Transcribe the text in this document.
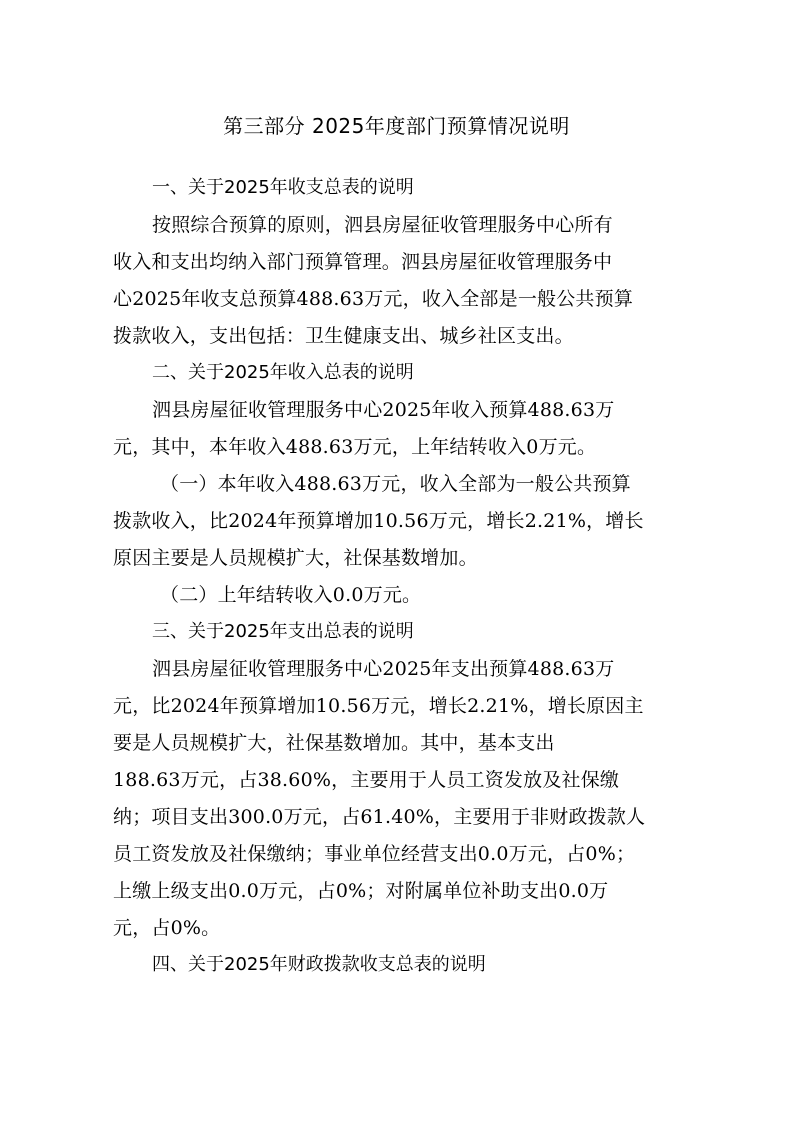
第三部分 2025年度部门预算情况说明
一、关于2025年收支总表的说明
按照综合预算的原则，泗县房屋征收管理服务中心所有
收入和支出均纳入部门预算管理。泗县房屋征收管理服务中
心2025年收支总预算488.63万元，收入全部是一般公共预算
拨款收入，支出包括：卫生健康支出、城乡社区支出。
二、关于2025年收入总表的说明
泗县房屋征收管理服务中心2025年收入预算488.63万
元，其中，本年收入488.63万元，上年结转收入0万元。
（一）本年收入488.63万元，收入全部为一般公共预算
拨款收入，比2024年预算增加10.56万元，增长2.21%，增长
原因主要是人员规模扩大，社保基数增加。
（二）上年结转收入0.0万元。
三、关于2025年支出总表的说明
泗县房屋征收管理服务中心2025年支出预算488.63万
元，比2024年预算增加10.56万元，增长2.21%，增长原因主
要是人员规模扩大，社保基数增加。其中，基本支出
188.63万元，占38.60%，主要用于人员工资发放及社保缴
纳；项目支出300.0万元，占61.40%，主要用于非财政拨款人
员工资发放及社保缴纳；事业单位经营支出0.0万元，占0%；
上缴上级支出0.0万元，占0%；对附属单位补助支出0.0万
元，占0%。
四、关于2025年财政拨款收支总表的说明
